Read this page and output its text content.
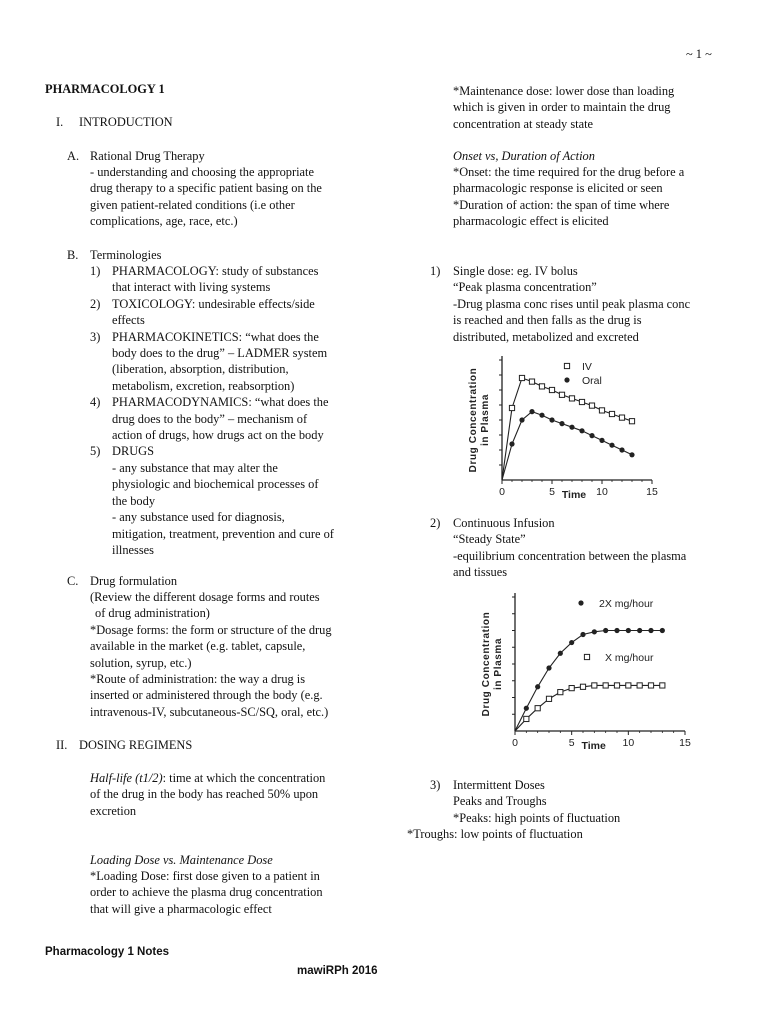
~ 1 ~
PHARMACOLOGY 1
I. INTRODUCTION
A. Rational Drug Therapy
- understanding and choosing the appropriate
drug therapy to a specific patient basing on the
given patient-related conditions (i.e other
complications, age, race, etc.)
B. Terminologies
1) PHARMACOLOGY: study of substances
that interact with living systems
2) TOXICOLOGY: undesirable effects/side
effects
3) PHARMACOKINETICS: “what does the
body does to the drug” – LADMER system
(liberation, absorption, distribution,
metabolism, excretion, reabsorption)
4) PHARMACODYNAMICS: “what does the
drug does to the body” – mechanism of
action of drugs, how drugs act on the body
5) DRUGS
- any substance that may alter the
physiologic and biochemical processes of
the body
- any substance used for diagnosis,
mitigation, treatment, prevention and cure of
illnesses
C. Drug formulation
(Review the different dosage forms and routes
of drug administration)
*Dosage forms: the form or structure of the drug
available in the market (e.g. tablet, capsule,
solution, syrup, etc.)
*Route of administration: the way a drug is
inserted or administered through the body (e.g.
intravenous-IV, subcutaneous-SC/SQ, oral, etc.)
II. DOSING REGIMENS
Half-life (t1/2): time at which the concentration
of the drug in the body has reached 50% upon
excretion
Loading Dose vs. Maintenance Dose
*Loading Dose: first dose given to a patient in
order to achieve the plasma drug concentration
that will give a pharmacologic effect
*Maintenance dose: lower dose than loading
which is given in order to maintain the drug
concentration at steady state
Onset vs, Duration of Action
*Onset: the time required for the drug before a
pharmacologic response is elicited or seen
*Duration of action: the span of time where
pharmacologic effect is elicited
1) Single dose: eg. IV bolus
“Peak plasma concentration”
-Drug plasma conc rises until peak plasma conc
is reached and then falls as the drug is
distributed, metabolized and excreted
0	5	10	15
Time
Drug Concentration in Plasma
IV
Oral
2) Continuous Infusion
“Steady State”
-equilibrium concentration between the plasma
and tissues
0	5	10	15
Time
Drug Concentration in Plasma
2X mg/hour
X mg/hour
3) Intermittent Doses
Peaks and Troughs
*Peaks: high points of fluctuation
*Troughs: low points of fluctuation
Pharmacology 1 Notes
mawiRPh 2016
